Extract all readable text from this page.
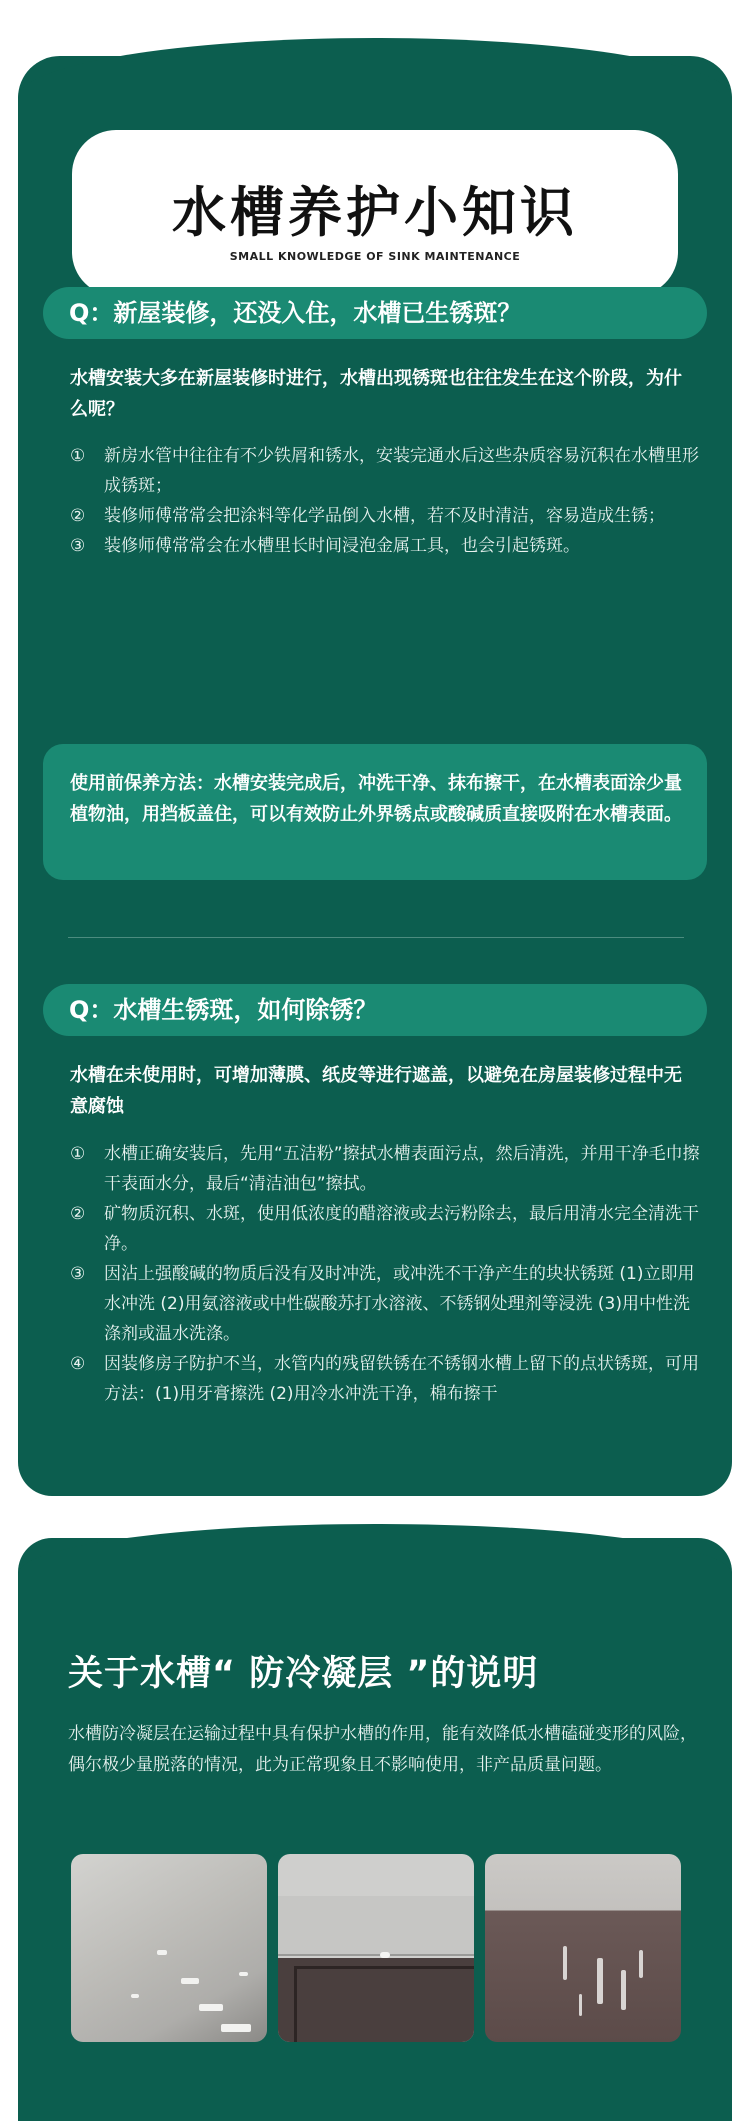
水槽养护小知识
SMALL KNOWLEDGE OF SINK MAINTENANCE
Q：新屋装修，还没入住，水槽已生锈斑？
水槽安装大多在新屋装修时进行，水槽出现锈斑也往往发生在这个阶段，为什么呢？
①	新房水管中往往有不少铁屑和锈水，安装完通水后这些杂质容易沉积在水槽里形成锈斑；
②	装修师傅常常会把涂料等化学品倒入水槽，若不及时清洁，容易造成生锈；
③	装修师傅常常会在水槽里长时间浸泡金属工具，也会引起锈斑。
使用前保养方法：水槽安装完成后，冲洗干净、抹布擦干，在水槽表面涂少量植物油，用挡板盖住，可以有效防止外界锈点或酸碱质直接吸附在水槽表面。
Q：水槽生锈斑，如何除锈？
水槽在未使用时，可增加薄膜、纸皮等进行遮盖，以避免在房屋装修过程中无意腐蚀
①	水槽正确安装后，先用“五洁粉”擦拭水槽表面污点，然后清洗，并用干净毛巾擦干表面水分，最后“清洁油包”擦拭。
②	矿物质沉积、水斑，使用低浓度的醋溶液或去污粉除去，最后用清水完全清洗干净。
③	因沾上强酸碱的物质后没有及时冲洗，或冲洗不干净产生的块状锈斑 (1)立即用水冲洗 (2)用氨溶液或中性碳酸苏打水溶液、不锈钢处理剂等浸洗 (3)用中性洗涤剂或温水洗涤。
④	因装修房子防护不当，水管内的残留铁锈在不锈钢水槽上留下的点状锈斑，可用方法：(1)用牙膏擦洗 (2)用冷水冲洗干净，棉布擦干
关于水槽“ 防冷凝层 ”的说明
水槽防冷凝层在运输过程中具有保护水槽的作用，能有效降低水槽磕碰变形的风险，偶尔极少量脱落的情况，此为正常现象且不影响使用，非产品质量问题。
